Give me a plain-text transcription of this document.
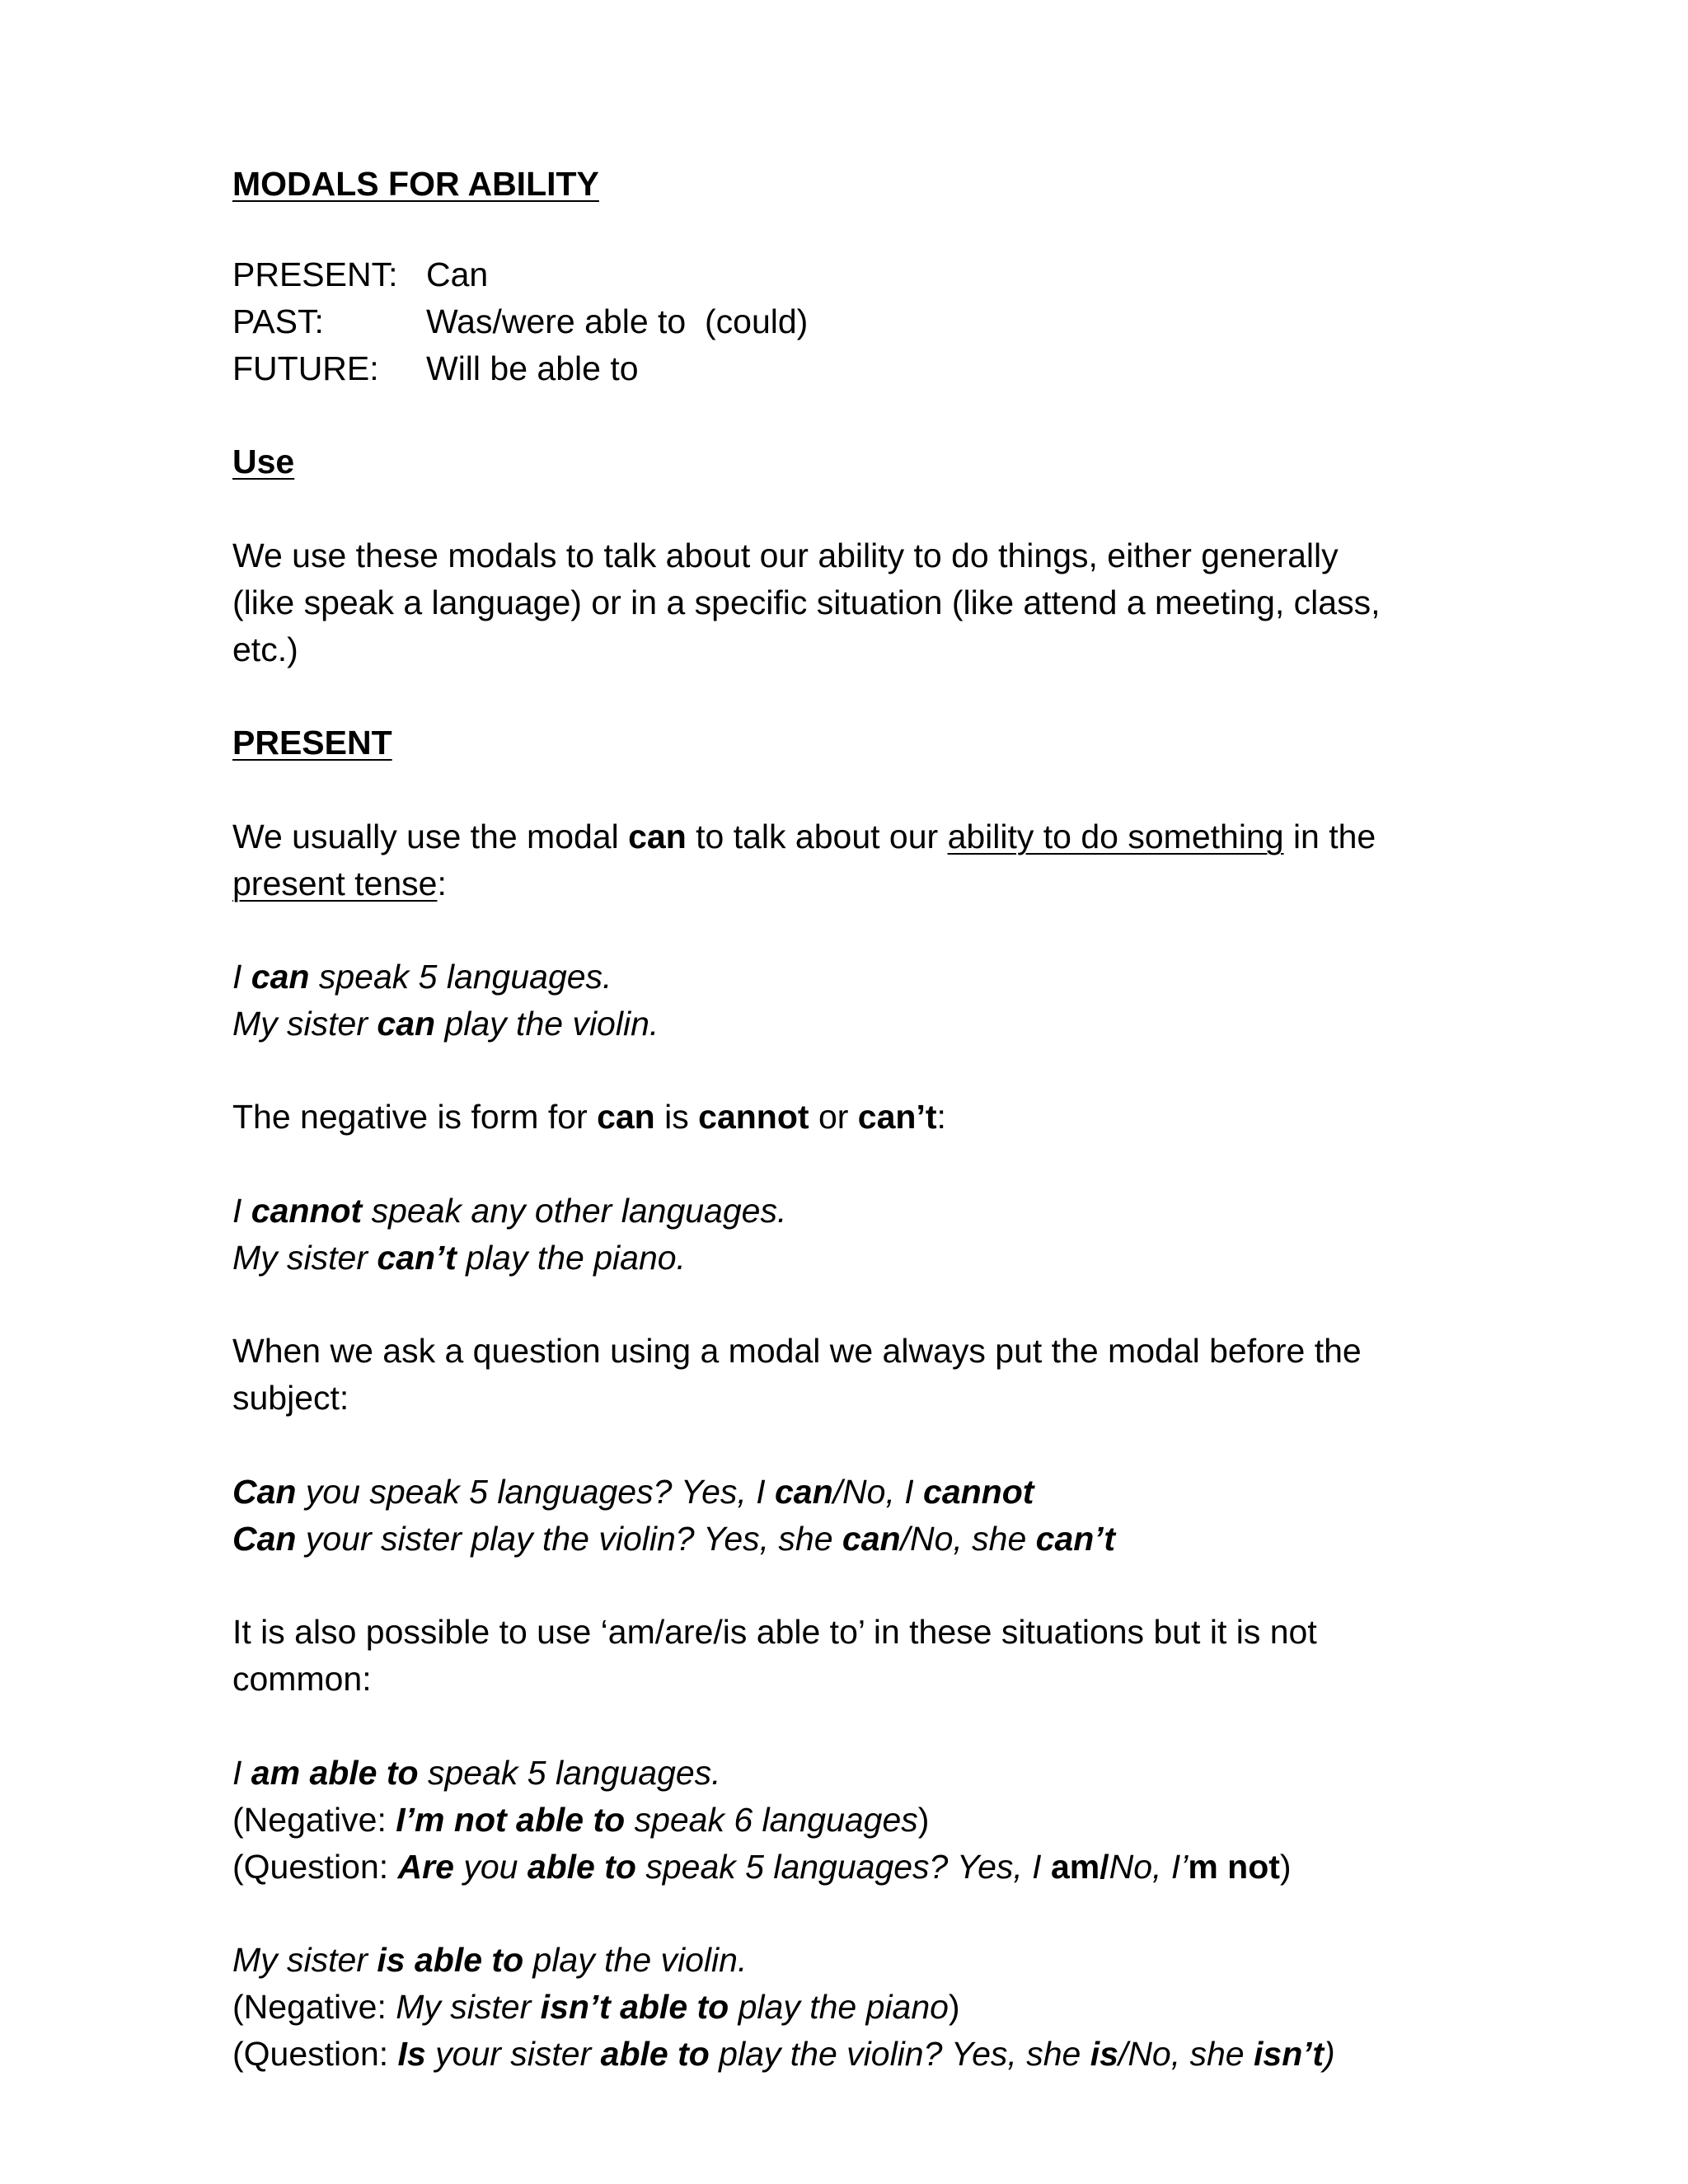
MODALS FOR ABILITY
PRESENT: Can
PAST:	Was/were able to  (could)
FUTURE: Will be able to
Use
We use these modals to talk about our ability to do things, either generally
(like speak a language) or in a specific situation (like attend a meeting, class,
etc.)
PRESENT
We usually use the modal can to talk about our ability to do something in the
present tense:
I can speak 5 languages.
My sister can play the violin.
The negative is form for can is cannot or can’t:
I cannot speak any other languages.
My sister can’t play the piano.
When we ask a question using a modal we always put the modal before the
subject:
Can you speak 5 languages? Yes, I can/No, I cannot
Can your sister play the violin? Yes, she can/No, she can’t
It is also possible to use ‘am/are/is able to’ in these situations but it is not
common:
I am able to speak 5 languages.
(Negative: I’m not able to speak 6 languages)
(Question: Are you able to speak 5 languages? Yes, I am/No, I’m not)
My sister is able to play the violin.
(Negative: My sister isn’t able to play the piano)
(Question: Is your sister able to play the violin? Yes, she is/No, she isn’t)
